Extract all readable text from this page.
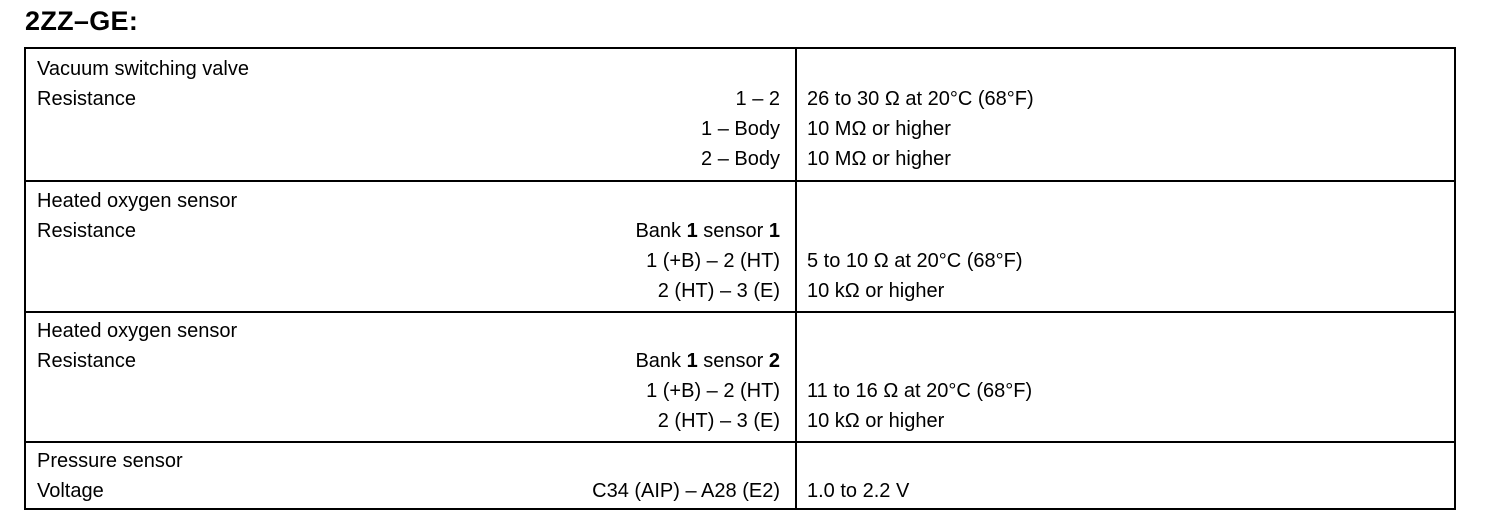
2ZZ–GE:
Vacuum switching valve
Resistance	1 – 2 26 to 30 Ω at 20°C (68°F)
1 – Body 10 MΩ or higher
2 – Body 10 MΩ or higher
Heated oxygen sensor
Resistance	Bank 1 sensor 1
1 (+B) – 2 (HT) 5 to 10 Ω at 20°C (68°F)
2 (HT) – 3 (E) 10 kΩ or higher
Heated oxygen sensor
Resistance	Bank 1 sensor 2
1 (+B) – 2 (HT) 11 to 16 Ω at 20°C (68°F)
2 (HT) – 3 (E) 10 kΩ or higher
Pressure sensor
Voltage	C34 (AIP) – A28 (E2) 1.0 to 2.2 V
